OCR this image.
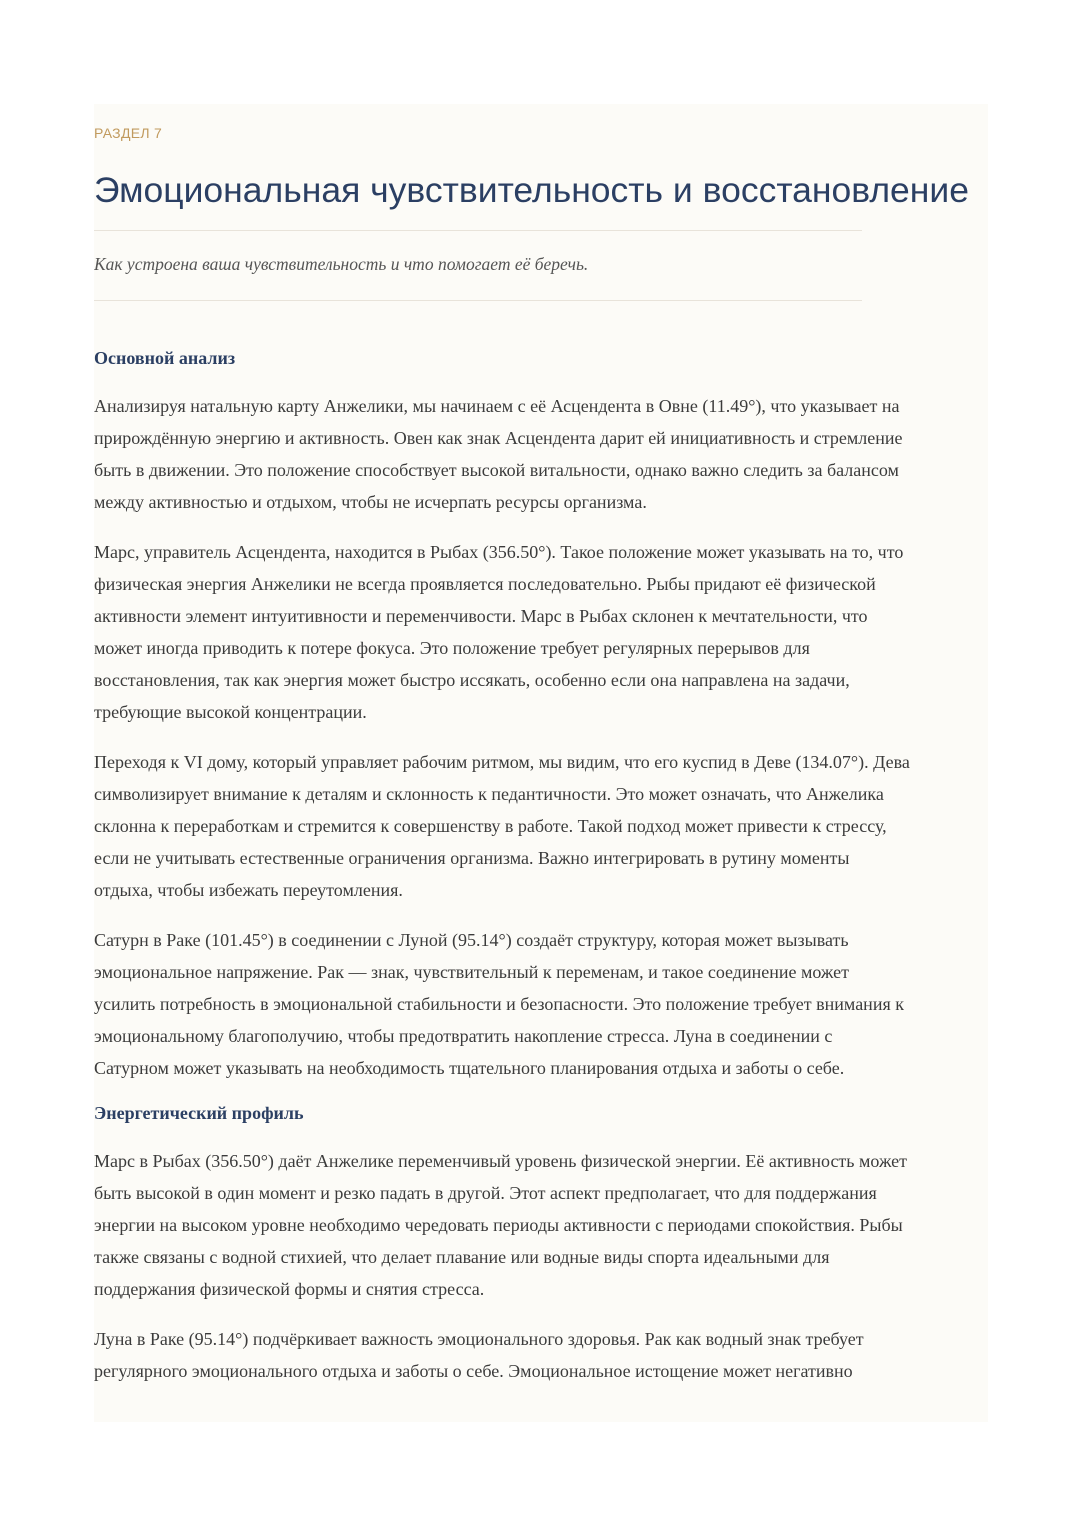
РАЗДЕЛ 7

Эмоциональная чувствительность и восстановление

Как устроена ваша чувствительность и что помогает её беречь.

Основной анализ

Анализируя натальную карту Анжелики, мы начинаем с её Асцендента в Овне (11.49°), что указывает на
прирождённую энергию и активность. Овен как знак Асцендента дарит ей инициативность и стремление
быть в движении. Это положение способствует высокой витальности, однако важно следить за балансом
между активностью и отдыхом, чтобы не исчерпать ресурсы организма.

Марс, управитель Асцендента, находится в Рыбах (356.50°). Такое положение может указывать на то, что
физическая энергия Анжелики не всегда проявляется последовательно. Рыбы придают её физической
активности элемент интуитивности и переменчивости. Марс в Рыбах склонен к мечтательности, что
может иногда приводить к потере фокуса. Это положение требует регулярных перерывов для
восстановления, так как энергия может быстро иссякать, особенно если она направлена на задачи,
требующие высокой концентрации.

Переходя к VI дому, который управляет рабочим ритмом, мы видим, что его куспид в Деве (134.07°). Дева
символизирует внимание к деталям и склонность к педантичности. Это может означать, что Анжелика
склонна к переработкам и стремится к совершенству в работе. Такой подход может привести к стрессу,
если не учитывать естественные ограничения организма. Важно интегрировать в рутину моменты
отдыха, чтобы избежать переутомления.

Сатурн в Раке (101.45°) в соединении с Луной (95.14°) создаёт структуру, которая может вызывать
эмоциональное напряжение. Рак — знак, чувствительный к переменам, и такое соединение может
усилить потребность в эмоциональной стабильности и безопасности. Это положение требует внимания к
эмоциональному благополучию, чтобы предотвратить накопление стресса. Луна в соединении с
Сатурном может указывать на необходимость тщательного планирования отдыха и заботы о себе.

Энергетический профиль

Марс в Рыбах (356.50°) даёт Анжелике переменчивый уровень физической энергии. Её активность может
быть высокой в один момент и резко падать в другой. Этот аспект предполагает, что для поддержания
энергии на высоком уровне необходимо чередовать периоды активности с периодами спокойствия. Рыбы
также связаны с водной стихией, что делает плавание или водные виды спорта идеальными для
поддержания физической формы и снятия стресса.

Луна в Раке (95.14°) подчёркивает важность эмоционального здоровья. Рак как водный знак требует
регулярного эмоционального отдыха и заботы о себе. Эмоциональное истощение может негативно
